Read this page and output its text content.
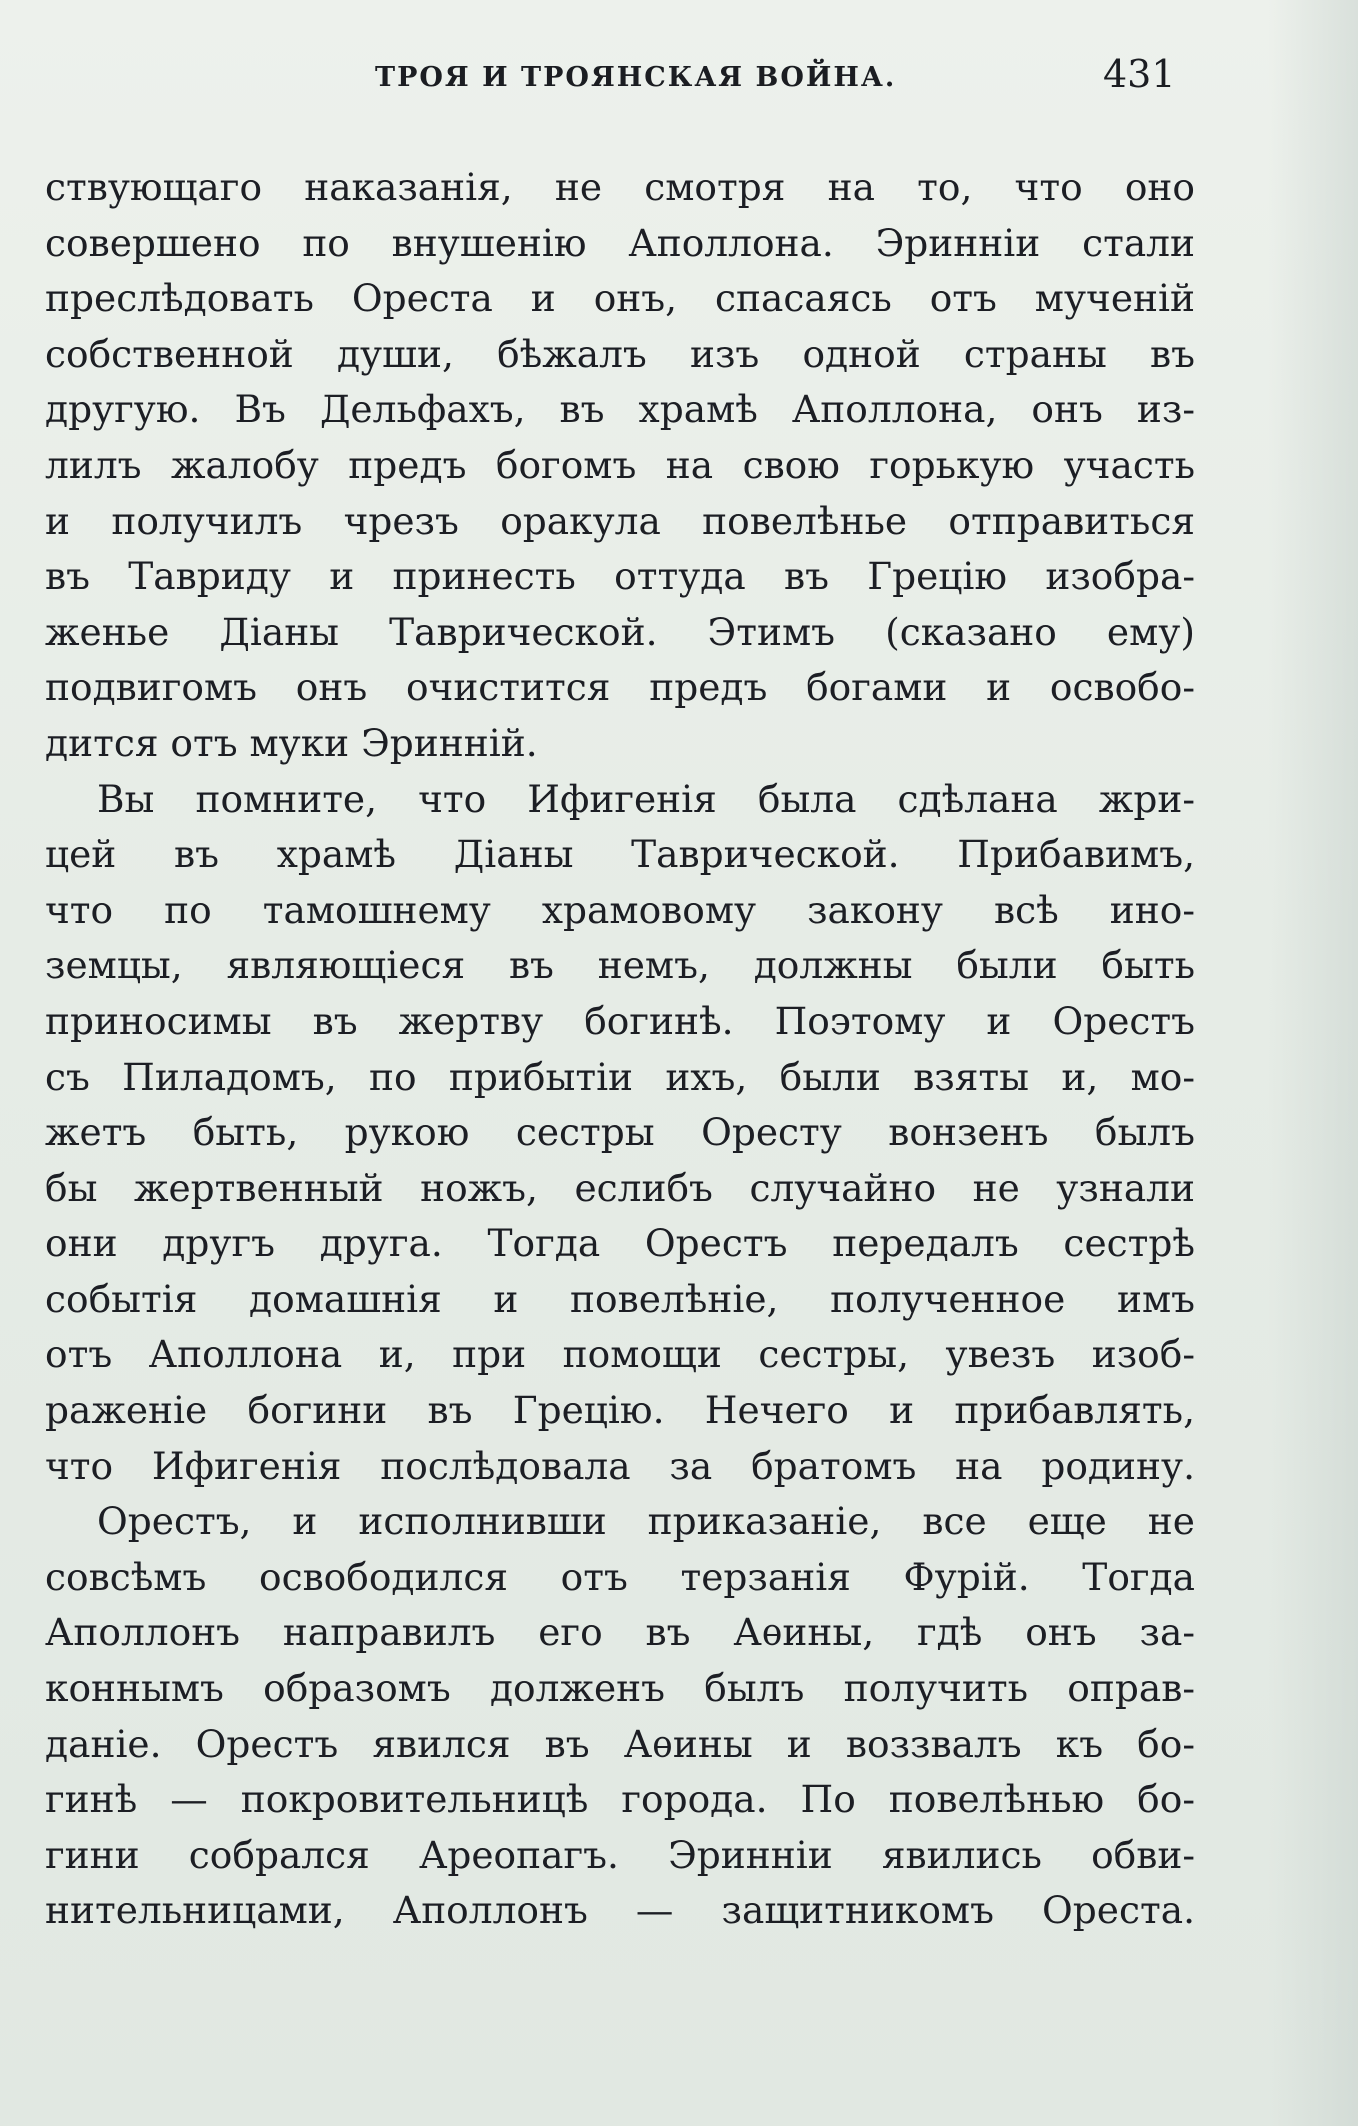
ТРОЯ И ТРОЯНСКАЯ ВОЙНА.	431
ствующаго наказанія, не смотря на то, что оно
совершено по внушенію Аполлона. Эринніи стали
преслѣдовать Ореста и онъ, спасаясь отъ мученій
собственной души, бѣжалъ изъ одной страны въ
другую. Въ Дельфахъ, въ храмѣ Аполлона, онъ из-
лилъ жалобу предъ богомъ на свою горькую участь
и получилъ чрезъ оракула повелѣнье отправиться
въ Тавриду и принесть оттуда въ Грецію изобра-
женье Діаны Таврической. Этимъ (сказано ему)
подвигомъ онъ очистится предъ богами и освобо-
дится отъ муки Эринній.
Вы помните, что Ифигенія была сдѣлана жри-
цей въ храмѣ Діаны Таврической. Прибавимъ,
что по тамошнему храмовому закону всѣ ино-
земцы, являющіеся въ немъ, должны были быть
приносимы въ жертву богинѣ. Поэтому и Орестъ
съ Пиладомъ, по прибытіи ихъ, были взяты и, мо-
жетъ быть, рукою сестры Оресту вонзенъ былъ
бы жертвенный ножъ, еслибъ случайно не узнали
они другъ друга. Тогда Орестъ передалъ сестрѣ
событія домашнія и повелѣніе, полученное имъ
отъ Аполлона и, при помощи сестры, увезъ изоб-
раженіе богини въ Грецію. Нечего и прибавлять,
что Ифигенія послѣдовала за братомъ на родину.
Орестъ, и исполнивши приказаніе, все еще не
совсѣмъ освободился отъ терзанія Фурій. Тогда
Аполлонъ направилъ его въ Аѳины, гдѣ онъ за-
коннымъ образомъ долженъ былъ получить оправ-
даніе. Орестъ явился въ Аѳины и воззвалъ къ бо-
гинѣ — покровительницѣ города. По повелѣнью бо-
гини собрался Ареопагъ. Эринніи явились обви-
нительницами, Аполлонъ — защитникомъ Ореста.
